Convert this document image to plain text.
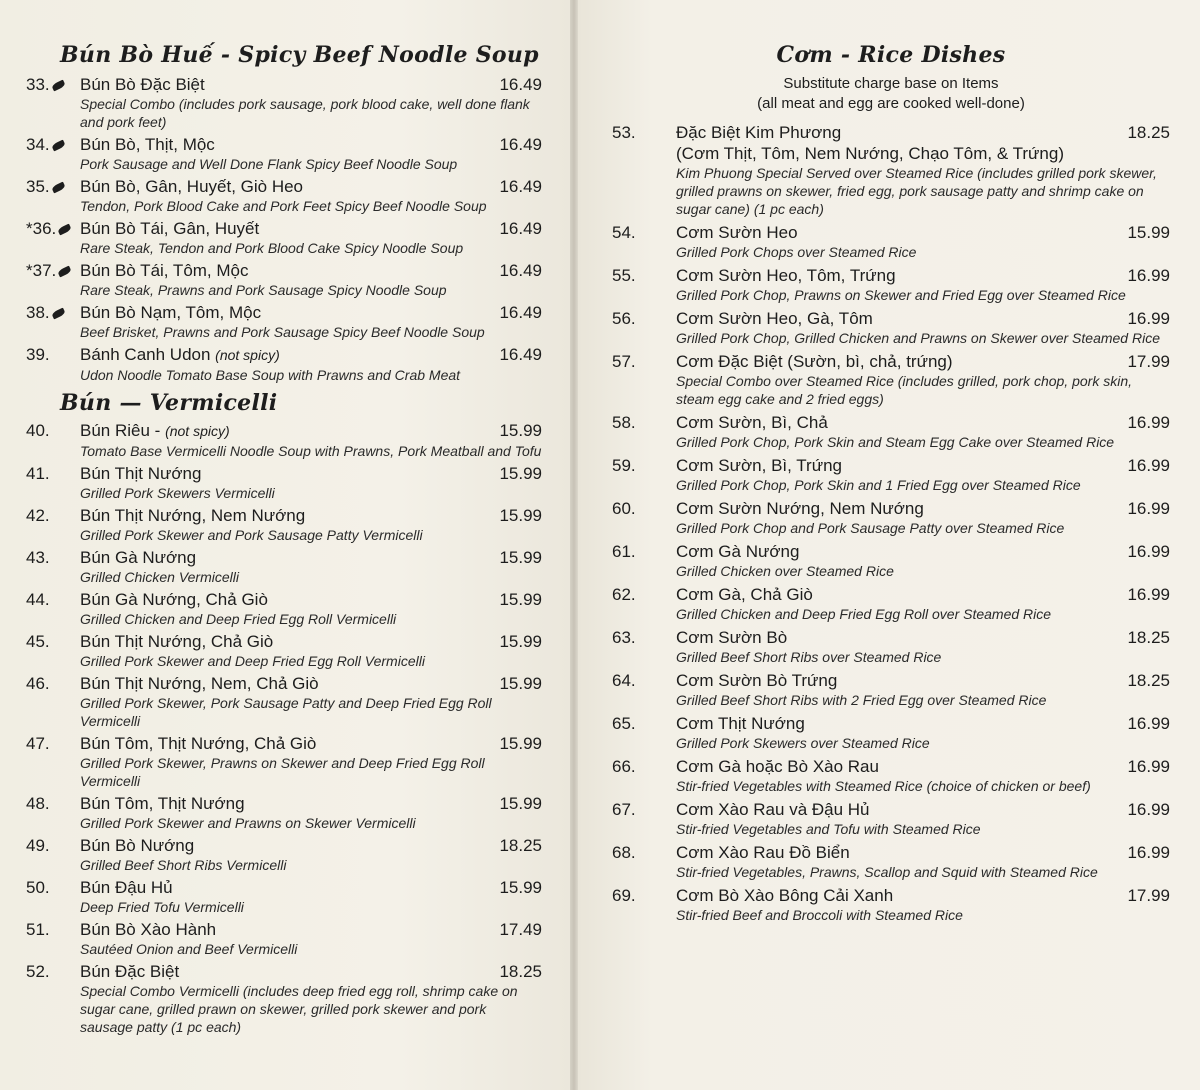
Bún Bò Huế - Spicy Beef Noodle Soup
33.	Bún Bò Đặc Biệt	16.49
Special Combo (includes pork sausage, pork blood cake, well done flank and pork feet)
34.	Bún Bò, Thịt, Mộc	16.49
Pork Sausage and Well Done Flank Spicy Beef Noodle Soup
35.	Bún Bò, Gân, Huyết, Giò Heo	16.49
Tendon, Pork Blood Cake and Pork Feet Spicy Beef Noodle Soup
*36.	Bún Bò Tái, Gân, Huyết	16.49
Rare Steak, Tendon and Pork Blood Cake Spicy Noodle Soup
*37.	Bún Bò Tái, Tôm, Mộc	16.49
Rare Steak, Prawns and Pork Sausage Spicy Noodle Soup
38.	Bún Bò Nạm, Tôm, Mộc	16.49
Beef Brisket, Prawns and Pork Sausage Spicy Beef Noodle Soup
39.	Bánh Canh Udon (not spicy)	16.49
Udon Noodle Tomato Base Soup with Prawns and Crab Meat
Bún — Vermicelli
40.	Bún Riêu - (not spicy)	15.99
Tomato Base Vermicelli Noodle Soup with Prawns, Pork Meatball and Tofu
41.	Bún Thịt Nướng	15.99
Grilled Pork Skewers Vermicelli
42.	Bún Thịt Nướng, Nem Nướng	15.99
Grilled Pork Skewer and Pork Sausage Patty Vermicelli
43.	Bún Gà Nướng	15.99
Grilled Chicken Vermicelli
44.	Bún Gà Nướng, Chả Giò	15.99
Grilled Chicken and Deep Fried Egg Roll Vermicelli
45.	Bún Thịt Nướng, Chả Giò	15.99
Grilled Pork Skewer and Deep Fried Egg Roll Vermicelli
46.	Bún Thịt Nướng, Nem, Chả Giò	15.99
Grilled Pork Skewer, Pork Sausage Patty and Deep Fried Egg Roll Vermicelli
47.	Bún Tôm, Thịt Nướng, Chả Giò	15.99
Grilled Pork Skewer, Prawns on Skewer and Deep Fried Egg Roll Vermicelli
48.	Bún Tôm, Thịt Nướng	15.99
Grilled Pork Skewer and Prawns on Skewer Vermicelli
49.	Bún Bò Nướng	18.25
Grilled Beef Short Ribs Vermicelli
50.	Bún Đậu Hủ	15.99
Deep Fried Tofu Vermicelli
51.	Bún Bò Xào Hành	17.49
Sautéed Onion and Beef Vermicelli
52.	Bún Đặc Biệt	18.25
Special Combo Vermicelli (includes deep fried egg roll, shrimp cake on sugar cane, grilled prawn on skewer, grilled pork skewer and pork sausage patty (1 pc each)
Cơm - Rice Dishes
Substitute charge base on Items
(all meat and egg are cooked well-done)
53.	Đặc Biệt Kim Phương	18.25
(Cơm Thịt, Tôm, Nem Nướng, Chạo Tôm, & Trứng)
Kim Phuong Special Served over Steamed Rice (includes grilled pork skewer, grilled prawns on skewer, fried egg, pork sausage patty and shrimp cake on sugar cane) (1 pc each)
54.	Cơm Sườn Heo	15.99
Grilled Pork Chops over Steamed Rice
55.	Cơm Sườn Heo, Tôm, Trứng	16.99
Grilled Pork Chop, Prawns on Skewer and Fried Egg over Steamed Rice
56.	Cơm Sườn Heo, Gà, Tôm	16.99
Grilled Pork Chop, Grilled Chicken and Prawns on Skewer over Steamed Rice
57.	Cơm Đặc Biệt (Sườn, bì, chả, trứng)	17.99
Special Combo over Steamed Rice (includes grilled, pork chop, pork skin, steam egg cake and 2 fried eggs)
58.	Cơm Sườn, Bì, Chả	16.99
Grilled Pork Chop, Pork Skin and Steam Egg Cake over Steamed Rice
59.	Cơm Sườn, Bì, Trứng	16.99
Grilled Pork Chop, Pork Skin and 1 Fried Egg over Steamed Rice
60.	Cơm Sườn Nướng, Nem Nướng	16.99
Grilled Pork Chop and Pork Sausage Patty over Steamed Rice
61.	Cơm Gà Nướng	16.99
Grilled Chicken over Steamed Rice
62.	Cơm Gà, Chả Giò	16.99
Grilled Chicken and Deep Fried Egg Roll over Steamed Rice
63.	Cơm Sườn Bò	18.25
Grilled Beef Short Ribs over Steamed Rice
64.	Cơm Sườn Bò Trứng	18.25
Grilled Beef Short Ribs with 2 Fried Egg over Steamed Rice
65.	Cơm Thịt Nướng	16.99
Grilled Pork Skewers over Steamed Rice
66.	Cơm Gà hoặc Bò Xào Rau	16.99
Stir-fried Vegetables with Steamed Rice (choice of chicken or beef)
67.	Cơm Xào Rau và Đậu Hủ	16.99
Stir-fried Vegetables and Tofu with Steamed Rice
68.	Cơm Xào Rau Đồ Biển	16.99
Stir-fried Vegetables, Prawns, Scallop and Squid with Steamed Rice
69.	Cơm Bò Xào Bông Cải Xanh	17.99
Stir-fried Beef and Broccoli with Steamed Rice
